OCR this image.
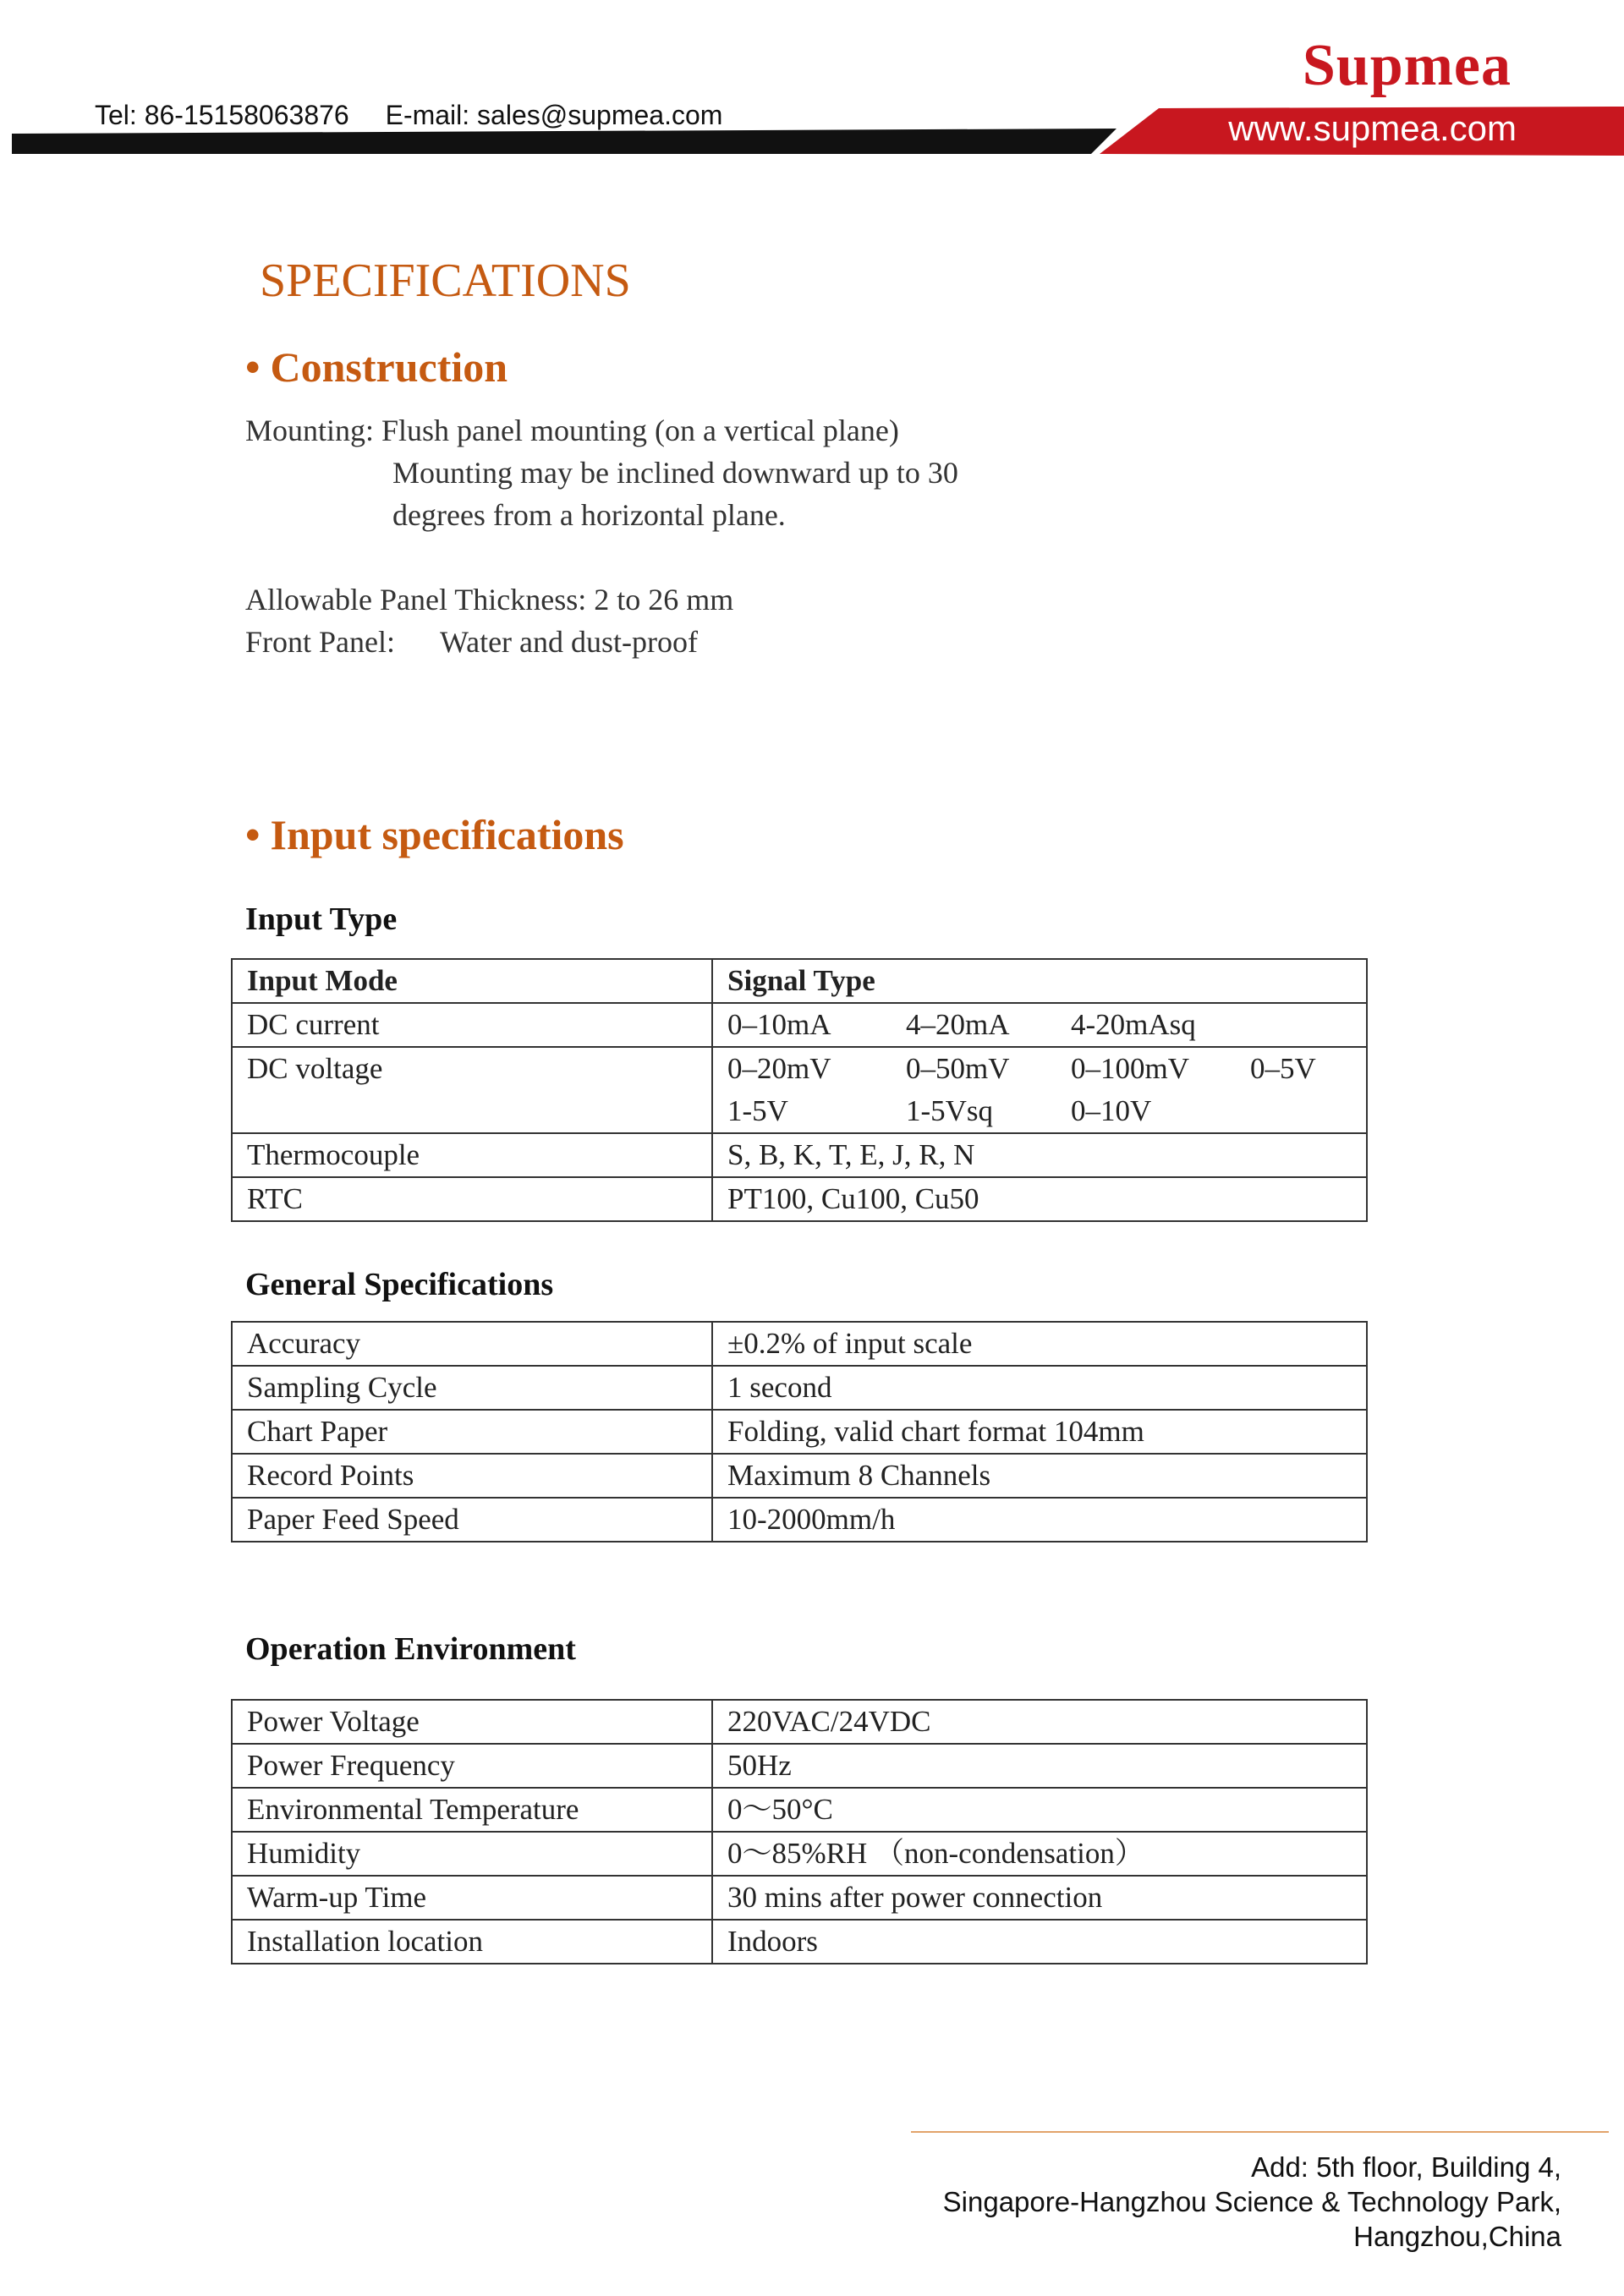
Tel: 86-15158063876 E-mail: sales@supmea.com
Supmea
www.supmea.com
SPECIFICATIONS
• Construction
Mounting: Flush panel mounting (on a vertical plane)
Mounting may be inclined downward up to 30
degrees from a horizontal plane.
Allowable Panel Thickness: 2 to 26 mm
Front Panel: Water and dust-proof
• Input specifications
Input Type
Input Mode	Signal Type
DC current	0–10mA 4–20mA 4-20mAsq
DC voltage	0–20mV 0–50mV 0–100mV 0–5V
1-5V 1-5Vsq 0–10V

Thermocouple	S, B, K, T, E, J, R, N
RTC	PT100, Cu100, Cu50
General Specifications
Accuracy	±0.2% of input scale
Sampling Cycle	1 second
Chart Paper	Folding, valid chart format 104mm
Record Points	Maximum 8 Channels
Paper Feed Speed	10-2000mm/h
Operation Environment
Power Voltage	220VAC/24VDC
Power Frequency	50Hz
Environmental Temperature	0～50°C
Humidity	0～85%RH （non-condensation）
Warm-up Time	30 mins after power connection
Installation location	Indoors
Add: 5th floor, Building 4,
Singapore-Hangzhou Science & Technology Park,
Hangzhou,China
